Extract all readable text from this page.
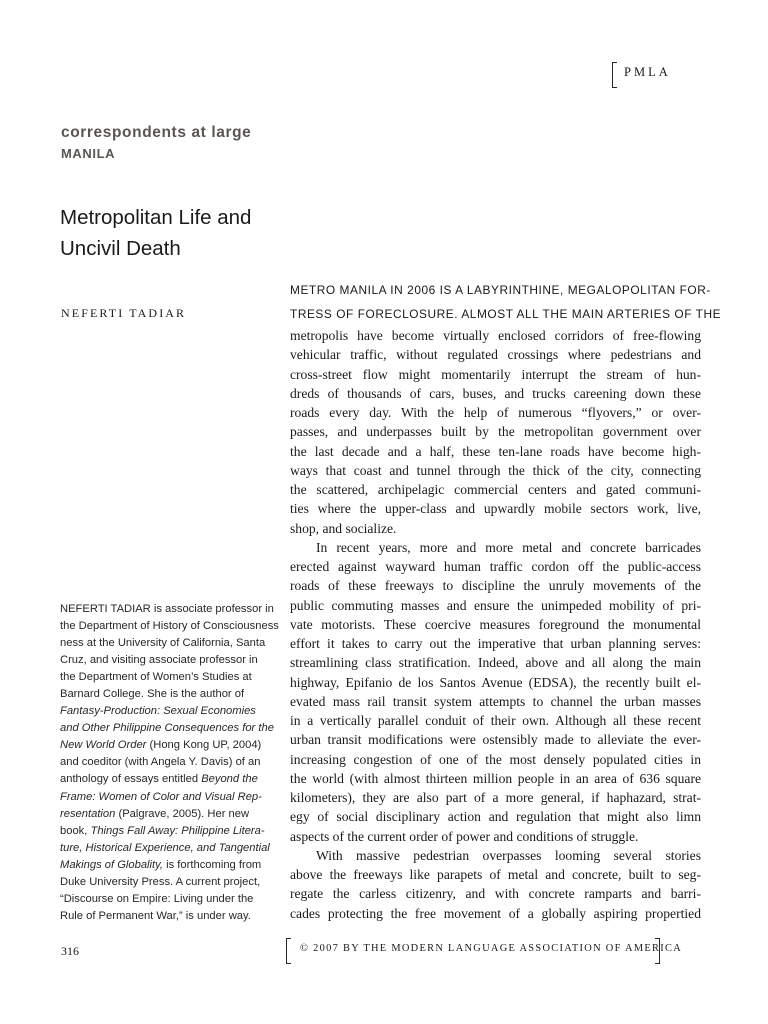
PMLA
correspondents at large
MANILA
Metropolitan Life and
Uncivil Death
NEFERTI TADIAR
NEFERTI TADIAR is associate professor in
the Department of History of Consciousness
ness at the University of California, Santa
Cruz, and visiting associate professor in
the Department of Women’s Studies at
Barnard College. She is the author of
Fantasy-Production: Sexual Economies
and Other Philippine Consequences for the
New World Order (Hong Kong UP, 2004)
and coeditor (with Angela Y. Davis) of an
anthology of essays entitled Beyond the
Frame: Women of Color and Visual Rep-
resentation (Palgrave, 2005). Her new
book, Things Fall Away: Philippine Litera-
ture, Historical Experience, and Tangential
Makings of Globality, is forthcoming from
Duke University Press. A current project,
“Discourse on Empire: Living under the
Rule of Permanent War,” is under way.
METRO MANILA IN 2006 IS A LABYRINTHINE, MEGALOPOLITAN FOR-
TRESS OF FORECLOSURE. ALMOST ALL THE MAIN ARTERIES OF THE
metropolis have become virtually enclosed corridors of free-flowing
vehicular traffic, without regulated crossings where pedestrians and
cross-street flow might momentarily interrupt the stream of hun-
dreds of thousands of cars, buses, and trucks careening down these
roads every day. With the help of numerous “flyovers,” or over-
passes, and underpasses built by the metropolitan government over
the last decade and a half, these ten-lane roads have become high-
ways that coast and tunnel through the thick of the city, connecting
the scattered, archipelagic commercial centers and gated communi-
ties where the upper-class and upwardly mobile sectors work, live,
shop, and socialize.
In recent years, more and more metal and concrete barricades
erected against wayward human traffic cordon off the public-access
roads of these freeways to discipline the unruly movements of the
public commuting masses and ensure the unimpeded mobility of pri-
vate motorists. These coercive measures foreground the monumental
effort it takes to carry out the imperative that urban planning serves:
streamlining class stratification. Indeed, above and all along the main
highway, Epifanio de los Santos Avenue (EDSA), the recently built el-
evated mass rail transit system attempts to channel the urban masses
in a vertically parallel conduit of their own. Although all these recent
urban transit modifications were ostensibly made to alleviate the ever-
increasing congestion of one of the most densely populated cities in
the world (with almost thirteen million people in an area of 636 square
kilometers), they are also part of a more general, if haphazard, strat-
egy of social disciplinary action and regulation that might also limn
aspects of the current order of power and conditions of struggle.
With massive pedestrian overpasses looming several stories
above the freeways like parapets of metal and concrete, built to seg-
regate the carless citizenry, and with concrete ramparts and barri-
cades protecting the free movement of a globally aspiring propertied
316	© 2007 BY THE MODERN LANGUAGE ASSOCIATION OF AMERICA
